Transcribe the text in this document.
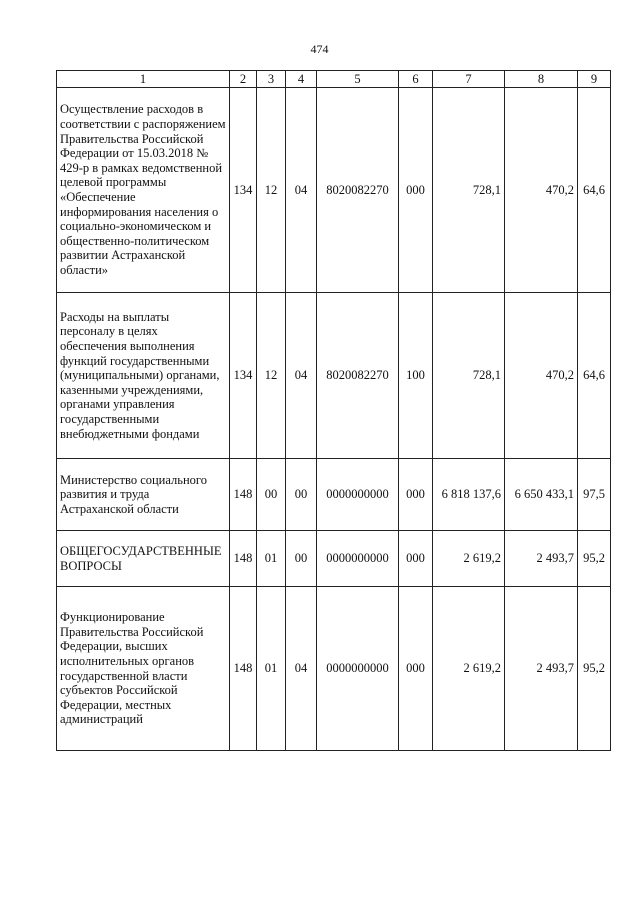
474
1	2	3	4	5	6	7	8	9
Осуществление расходов в соответствии с распоряжением Правительства Российской Федерации от 15.03.2018 № 429-р в рамках ведомственной целевой программы «Обеспечение информирования населения о социально-экономическом и общественно-политическом развитии Астраханской области»	134	12	04	8020082270	000	728,1	470,2	64,6
Расходы на выплаты персоналу в целях обеспечения выполнения функций государственными (муниципальными) органами, казенными учреждениями, органами управления государственными внебюджетными фондами	134	12	04	8020082270	100	728,1	470,2	64,6
Министерство социального развития и труда Астраханской области	148	00	00	0000000000	000	6 818 137,6	6 650 433,1	97,5
ОБЩЕГОСУДАРСТВЕННЫЕ ВОПРОСЫ	148	01	00	0000000000	000	2 619,2	2 493,7	95,2
Функционирование Правительства Российской Федерации, высших исполнительных органов государственной власти субъектов Российской Федерации, местных администраций	148	01	04	0000000000	000	2 619,2	2 493,7	95,2
